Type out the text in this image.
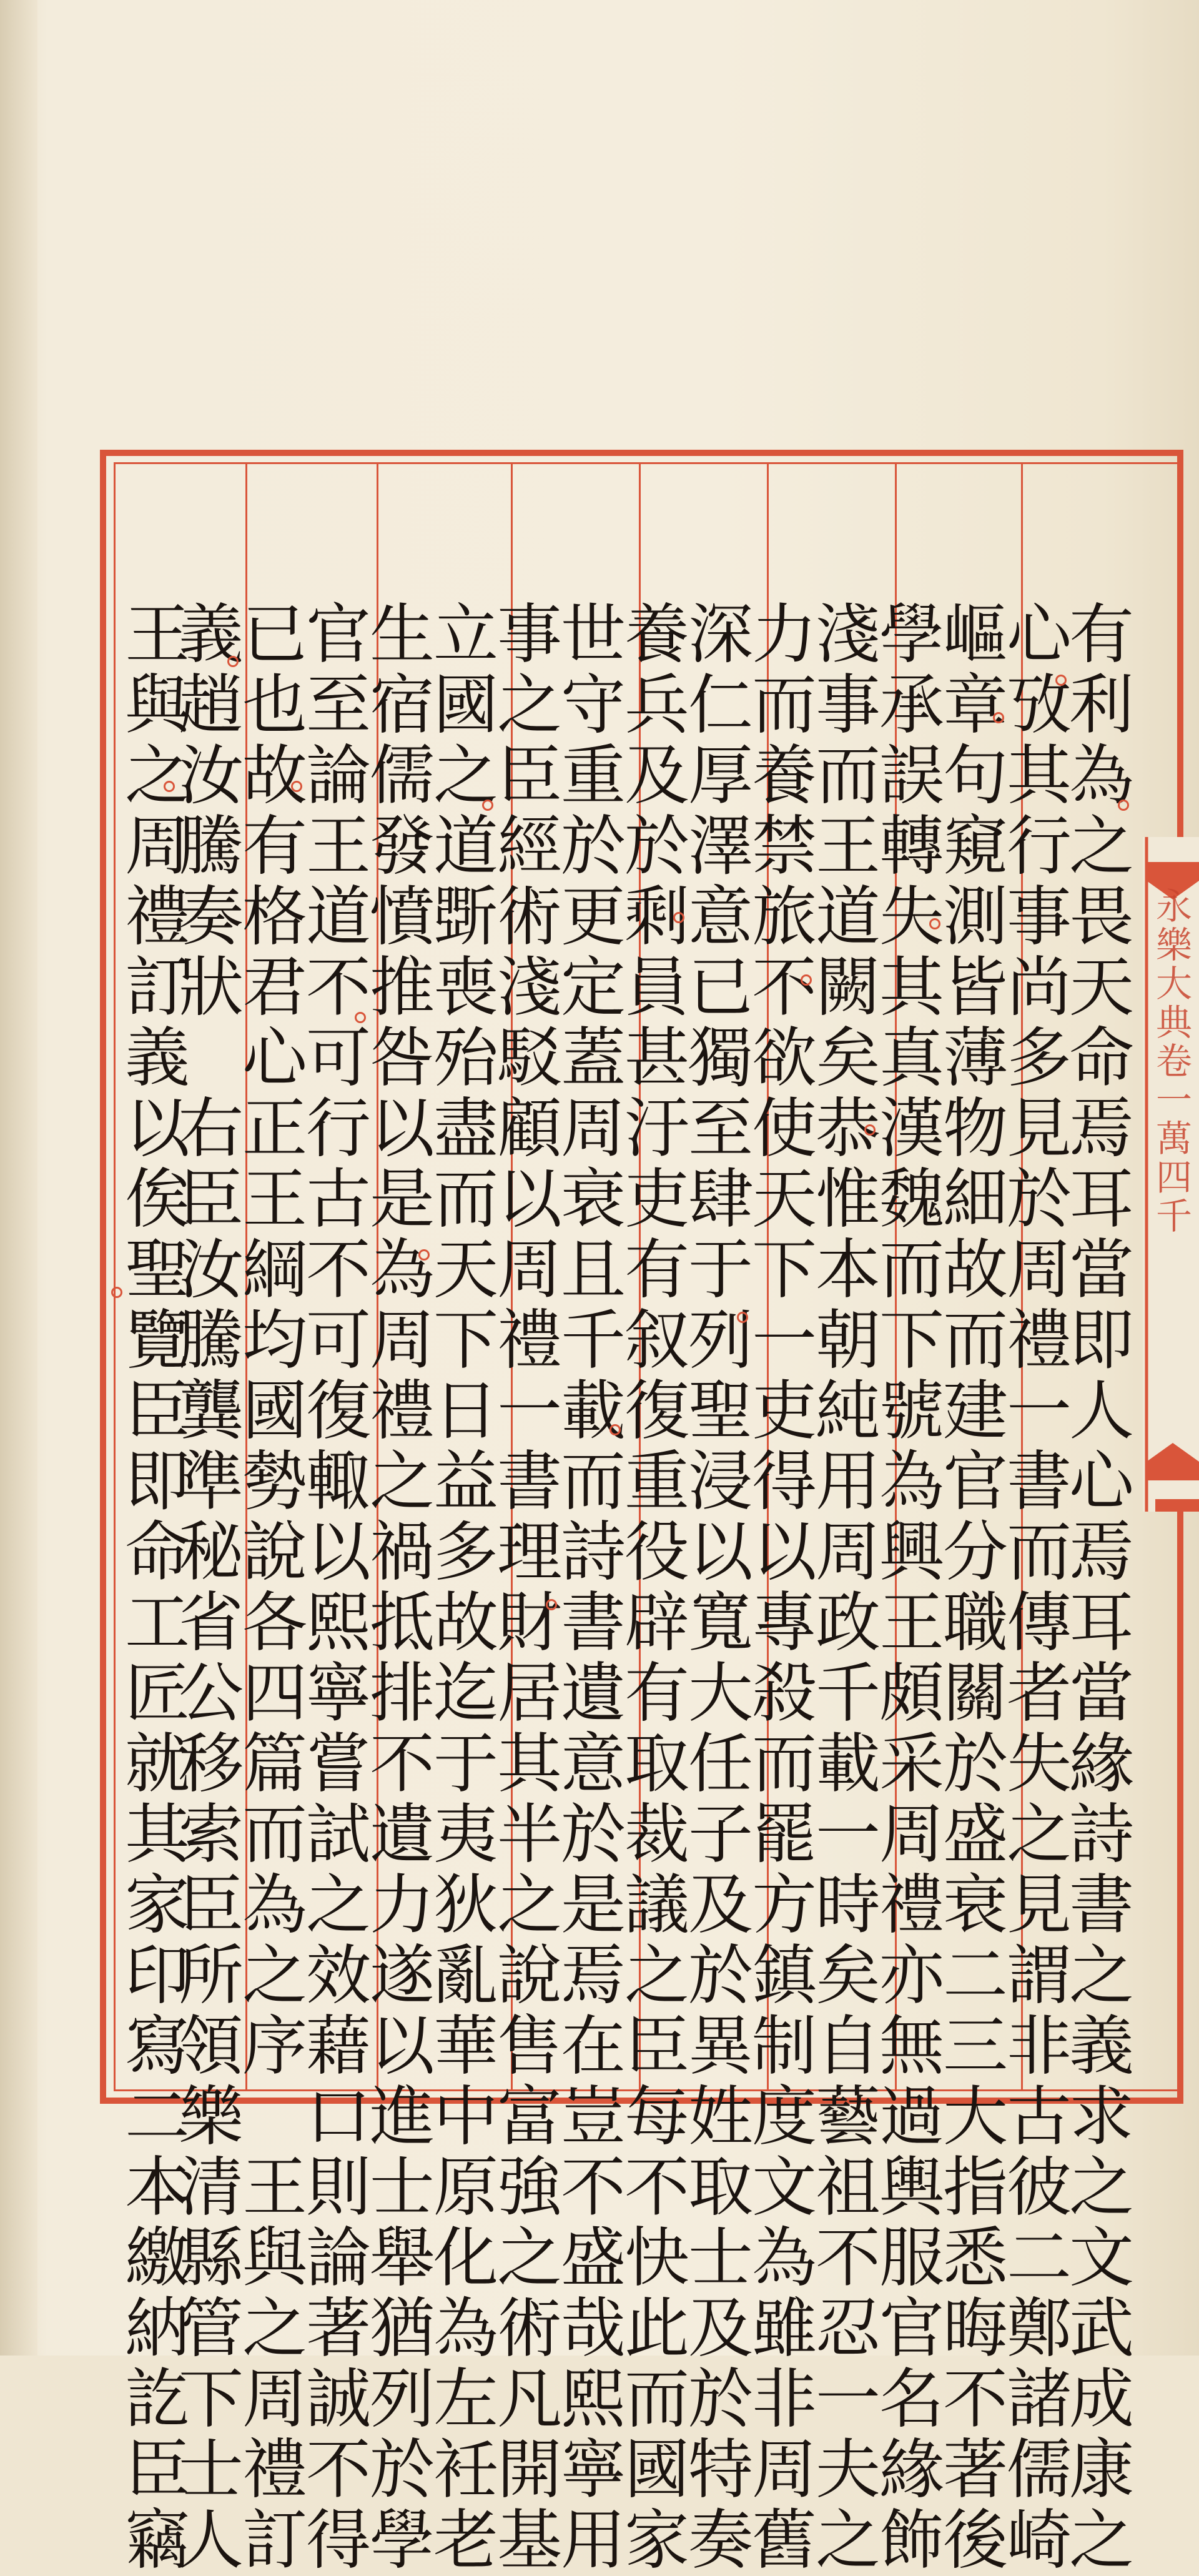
永樂大典卷一萬四千
有利為之畏天命焉耳當即人心焉耳當緣詩書之義求之文武成康之
心攷其行事尚多見於周禮一書而傳者失之見謂非古彼二鄭諸儒崎
嶇章句窺測皆薄物細故而建官分職關於盛衰二三大指悉晦不著後
學承誤轉失其真漢魏而下號為興王頗采周禮亦無過輿服官名緣飾
淺事而王道闕矣恭惟本朝純用周政千載一時矣自藝祖不忍一夫之
力而養禁旅不欲使天下一吏得以專殺而罷方鎮制度文為雖非周舊
深仁厚澤意已獨至肆于列聖浸以寬大任子及於異姓取士及於特奏
養兵及於剩員甚汙吏有叙復重役辟有取裁議之臣每不快此而國家
世守重於更定蓋周衰且千載而詩書遺意於是焉在豈不盛哉熙寧用
事之臣經術淺駁顧以周禮一書理財居其半之說售富強之術凡開基
立國之道斲喪殆盡而天下日益多故迄于夷狄亂華中原化為左衽老
生宿儒發憤推咎以是為周禮之禍抵排不遺力遂以進士舉猶列於學
官至論王道不可行古不可復輙以熙寧嘗試之效藉口則論著誠不得
已也故有格君心正王綱均國勢說各四篇而為之序　王與之周禮訂
義趙汝騰奏狀　右臣汝騰龔準秘省公移索臣所領樂清縣管下士人
王與之周禮訂義以俟聖覽臣即命工匠就其家印寫二本繳納訖臣竊
